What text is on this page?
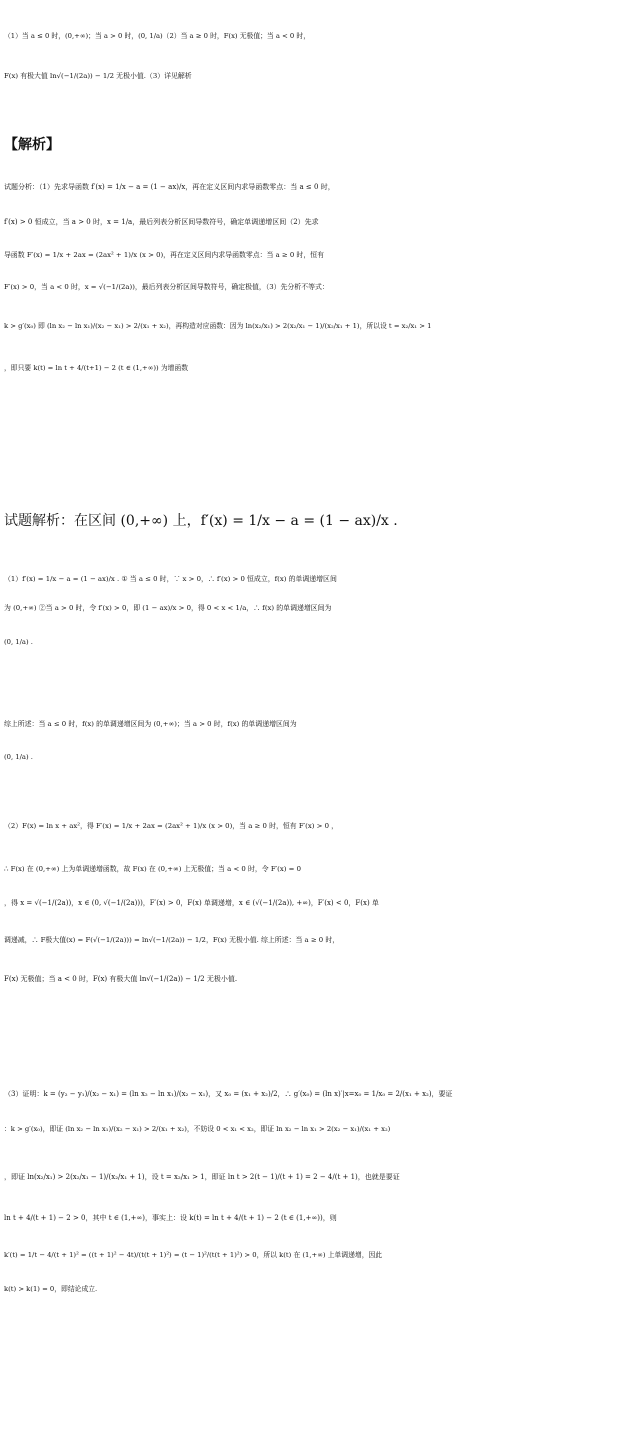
（1）当 a ≤ 0 时，(0,+∞)；当 a > 0 时，(0, 1/a)（2）当 a ≥ 0 时，F(x) 无极值；当 a < 0 时，
F(x) 有极大值 ln√(−1/(2a)) − 1/2 无极小值.（3）详见解析
【解析】
试题分析：（1）先求导函数 f′(x) = 1/x − a = (1 − ax)/x，再在定义区间内求导函数零点：当 a ≤ 0 时，
f′(x) > 0 恒成立，当 a > 0 时，x = 1/a，最后列表分析区间导数符号，确定单调递增区间（2）先求
导函数 F′(x) = 1/x + 2ax = (2ax² + 1)/x (x > 0)，再在定义区间内求导函数零点：当 a ≥ 0 时，恒有
F′(x) > 0，当 a < 0 时，x = √(−1/(2a))，最后列表分析区间导数符号，确定极值，（3）先分析不等式：
k > g′(x₀) 即 (ln x₂ − ln x₁)/(x₂ − x₁) > 2/(x₁ + x₂)，再构造对应函数：因为 ln(x₂/x₁) > 2(x₂/x₁ − 1)/(x₂/x₁ + 1)，所以设 t = x₂/x₁ > 1
，即只要 k(t) = ln t + 4/(t+1) − 2 (t ∈ (1,+∞)) 为增函数
试题解析：在区间 (0,+∞) 上，f′(x) = 1/x − a = (1 − ax)/x .
（1）f′(x) = 1/x − a = (1 − ax)/x . ① 当 a ≤ 0 时，∵ x > 0，∴ f′(x) > 0 恒成立，f(x) 的单调递增区间
为 (0,+∞) ②当 a > 0 时，令 f′(x) > 0，即 (1 − ax)/x > 0，得 0 < x < 1/a，∴ f(x) 的单调递增区间为
(0, 1/a) .
综上所述：当 a ≤ 0 时，f(x) 的单调递增区间为 (0,+∞)；当 a > 0 时，f(x) 的单调递增区间为
(0, 1/a) .
（2）F(x) = ln x + ax²，得 F′(x) = 1/x + 2ax = (2ax² + 1)/x (x > 0)，当 a ≥ 0 时，恒有 F′(x) > 0 ，
∴ F(x) 在 (0,+∞) 上为单调递增函数，故 F(x) 在 (0,+∞) 上无极值；当 a < 0 时，令 F′(x) = 0
，得 x = √(−1/(2a))，x ∈ (0, √(−1/(2a)))，F′(x) > 0，F(x) 单调递增，x ∈ (√(−1/(2a)), +∞)，F′(x) < 0，F(x) 单
调递减，∴ F极大值(x) = F(√(−1/(2a))) = ln√(−1/(2a)) − 1/2，F(x) 无极小值. 综上所述：当 a ≥ 0 时，
F(x) 无极值；当 a < 0 时，F(x) 有极大值 ln√(−1/(2a)) − 1/2 无极小值.
（3）证明：k = (y₂ − y₁)/(x₂ − x₁) = (ln x₂ − ln x₁)/(x₂ − x₁)，又 x₀ = (x₁ + x₂)/2，∴ g′(x₀) = (ln x)′|x=x₀ = 1/x₀ = 2/(x₁ + x₂)，要证
：k > g′(x₀)，即证 (ln x₂ − ln x₁)/(x₂ − x₁) > 2/(x₁ + x₂)，不妨设 0 < x₁ < x₂，即证 ln x₂ − ln x₁ > 2(x₂ − x₁)/(x₁ + x₂)
，即证 ln(x₂/x₁) > 2(x₂/x₁ − 1)/(x₂/x₁ + 1)，设 t = x₂/x₁ > 1，即证 ln t > 2(t − 1)/(t + 1) = 2 − 4/(t + 1)，也就是要证
ln t + 4/(t + 1) − 2 > 0，其中 t ∈ (1,+∞)，事实上：设 k(t) = ln t + 4/(t + 1) − 2 (t ∈ (1,+∞))，则
k′(t) = 1/t − 4/(t + 1)² = ((t + 1)² − 4t)/(t(t + 1)²) = (t − 1)²/(t(t + 1)²) > 0，所以 k(t) 在 (1,+∞) 上单调递增，因此
k(t) > k(1) = 0，即结论成立.
